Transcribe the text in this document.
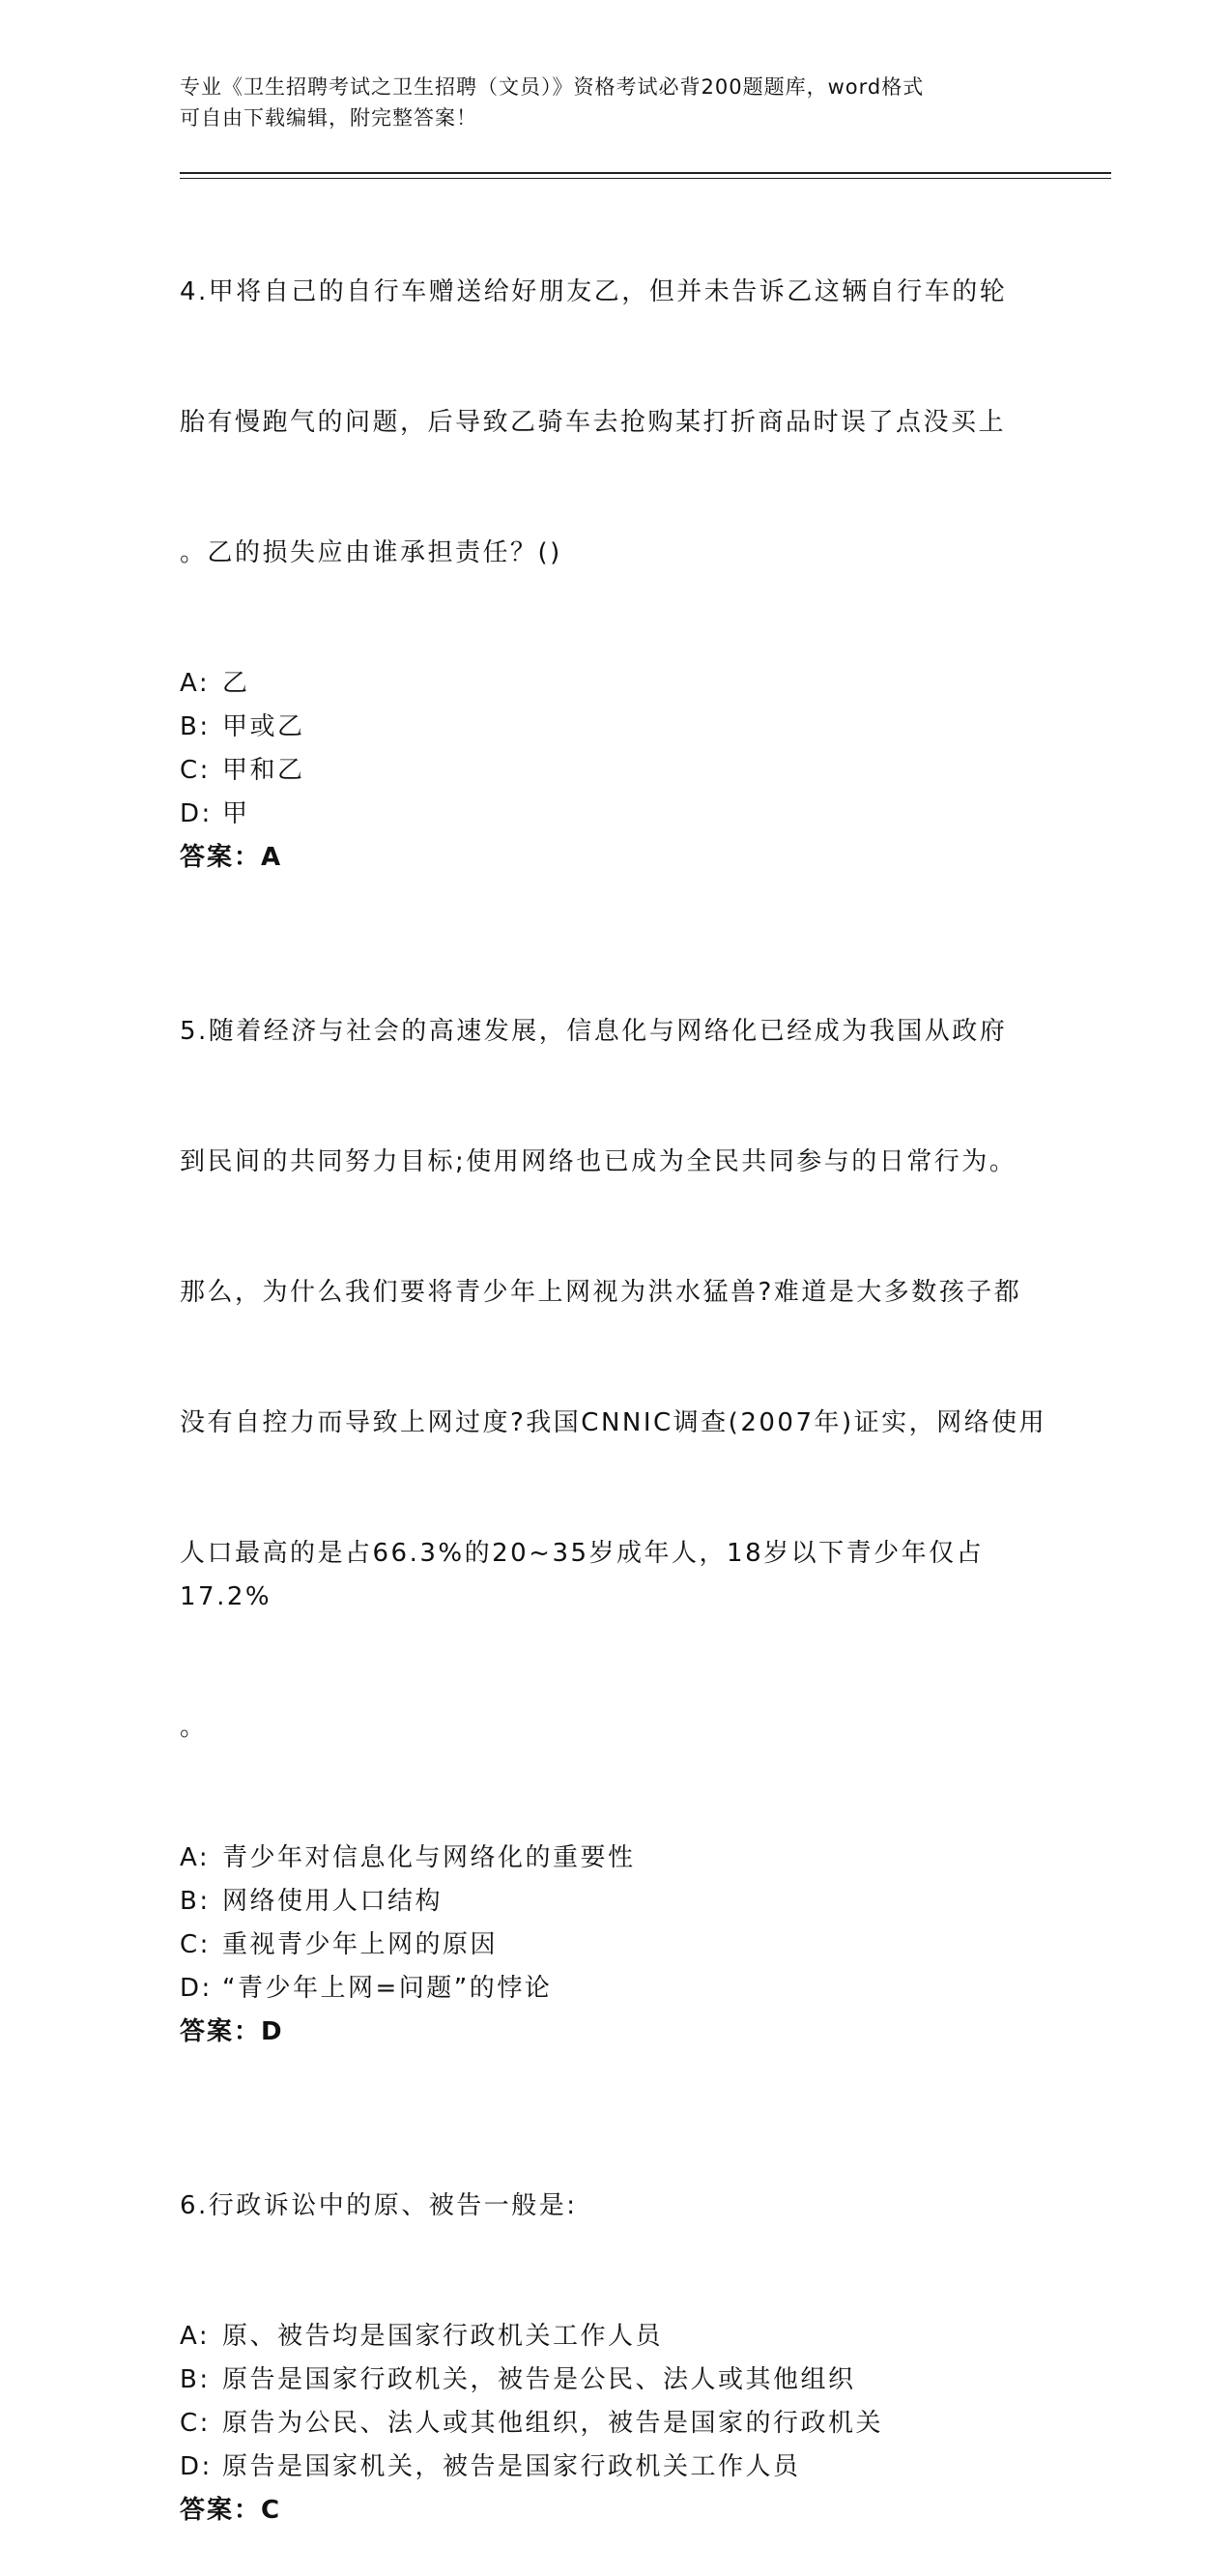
专业《卫生招聘考试之卫生招聘（文员）》资格考试必背200题题库，word格式
可自由下载编辑，附完整答案！

4.甲将自己的自行车赠送给好朋友乙，但并未告诉乙这辆自行车的轮

胎有慢跑气的问题，后导致乙骑车去抢购某打折商品时误了点没买上

。乙的损失应由谁承担责任？()

A: 乙
B: 甲或乙
C: 甲和乙
D: 甲
答案：A

5.随着经济与社会的高速发展，信息化与网络化已经成为我国从政府

到民间的共同努力目标;使用网络也已成为全民共同参与的日常行为。

那么，为什么我们要将青少年上网视为洪水猛兽?难道是大多数孩子都

没有自控力而导致上网过度?我国CNNIC调查(2007年)证实，网络使用

人口最高的是占66.3%的20~35岁成年人，18岁以下青少年仅占17.2%

。

A: 青少年对信息化与网络化的重要性
B: 网络使用人口结构
C: 重视青少年上网的原因
D: “青少年上网=问题”的悖论
答案：D

6.行政诉讼中的原、被告一般是:

A: 原、被告均是国家行政机关工作人员
B: 原告是国家行政机关，被告是公民、法人或其他组织
C: 原告为公民、法人或其他组织，被告是国家的行政机关
D: 原告是国家机关，被告是国家行政机关工作人员
答案：C
